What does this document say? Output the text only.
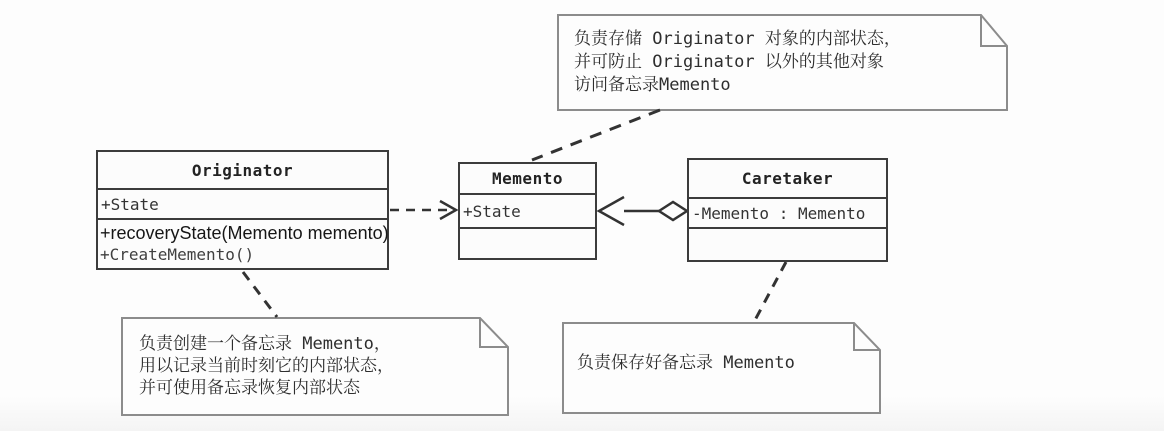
Originator
+State
+recoveryState(Memento memento)
+CreateMemento()
Memento
+State
Caretaker
-Memento : Memento
负责存储 Originator 对象的内部状态，
并可防止 Originator 以外的其他对象
访问备忘录Memento
负责创建一个备忘录 Memento，
用以记录当前时刻它的内部状态，
并可使用备忘录恢复内部状态
负责保存好备忘录 Memento
